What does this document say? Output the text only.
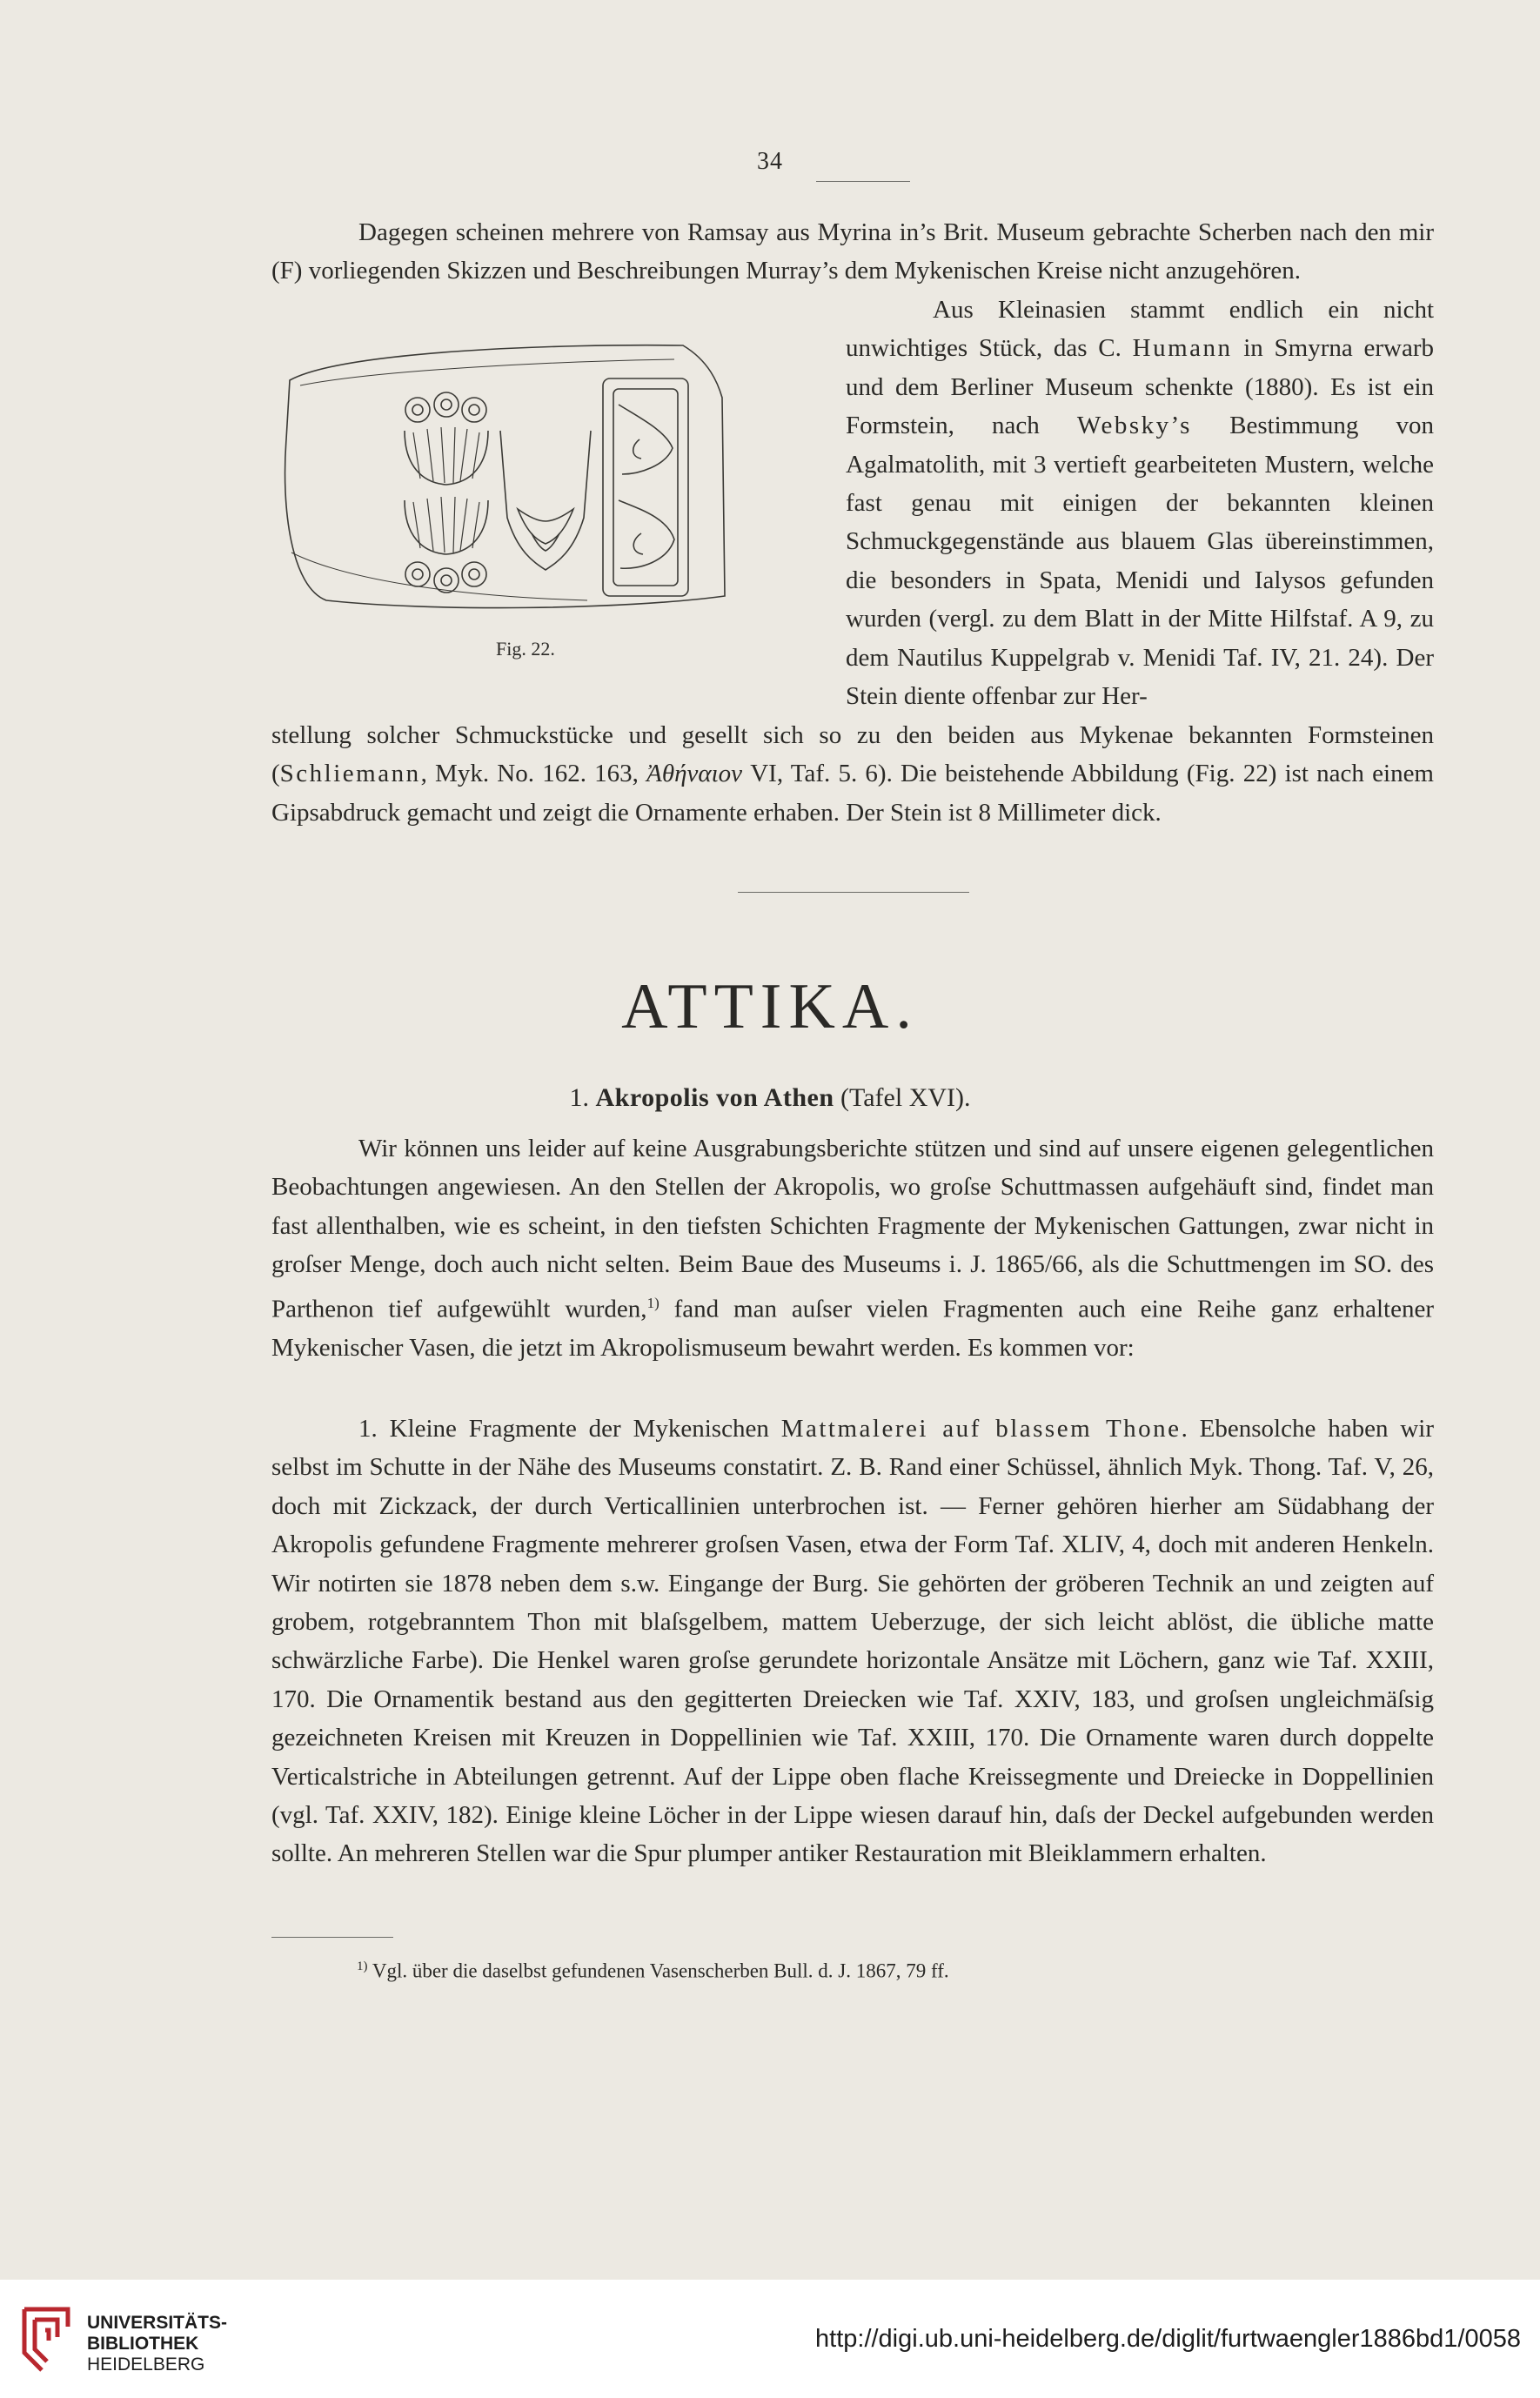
34

Dagegen scheinen mehrere von Ramsay aus Myrina in’s Brit. Museum gebrachte Scherben nach den mir (F) vorliegenden Skizzen und Beschreibungen Murray’s dem Mykenischen Kreise nicht anzugehören.

Aus Kleinasien stammt endlich ein nicht unwichtiges Stück, das C. Humann in Smyrna erwarb und dem Berliner Museum schenkte (1880). Es ist ein Formstein, nach Websky’s Bestimmung von Agalmatolith, mit 3 vertieft gearbeiteten Mustern, welche fast genau mit einigen der bekannten kleinen Schmuckgegenstände aus blauem Glas übereinstimmen, die besonders in Spata, Menidi und Ialysos gefunden wurden (vergl. zu dem Blatt in der Mitte Hilfstaf. A 9, zu dem Nautilus Kuppelgrab v. Menidi Taf. IV, 21. 24). Der Stein diente offenbar zur Her-

stellung solcher Schmuckstücke und gesellt sich so zu den beiden aus Mykenae bekannten Formsteinen (Schliemann, Myk. No. 162. 163, Ἀθήναιον VI, Taf. 5. 6). Die beistehende Abbildung (Fig. 22) ist nach einem Gipsabdruck gemacht und zeigt die Ornamente erhaben. Der Stein ist 8 Millimeter dick.

Fig. 22.
ATTIKA.
1. Akropolis von Athen (Tafel XVI).

Wir können uns leider auf keine Ausgrabungsberichte stützen und sind auf unsere eigenen gelegentlichen Beobachtungen angewiesen. An den Stellen der Akropolis, wo groſse Schuttmassen aufgehäuft sind, findet man fast allenthalben, wie es scheint, in den tiefsten Schichten Fragmente der Mykenischen Gattungen, zwar nicht in groſser Menge, doch auch nicht selten. Beim Baue des Museums i. J. 1865/66, als die Schuttmengen im SO. des Parthenon tief aufgewühlt wurden,$^{1)}$ fand man auſser vielen Fragmenten auch eine Reihe ganz erhaltener Mykenischer Vasen, die jetzt im Akropolismuseum bewahrt werden. Es kommen vor:

1. Kleine Fragmente der Mykenischen Mattmalerei auf blassem Thone. Ebensolche haben wir selbst im Schutte in der Nähe des Museums constatirt. Z. B. Rand einer Schüssel, ähnlich Myk. Thong. Taf. V, 26, doch mit Zickzack, der durch Verticallinien unterbrochen ist. — Ferner gehören hierher am Südabhang der Akropolis gefundene Fragmente mehrerer groſsen Vasen, etwa der Form Taf. XLIV, 4, doch mit anderen Henkeln. Wir notirten sie 1878 neben dem s.w. Eingange der Burg. Sie gehörten der gröberen Technik an und zeigten auf grobem, rotgebranntem Thon mit blaſsgelbem, mattem Ueberzuge, der sich leicht ablöst, die übliche matte schwärzliche Farbe). Die Henkel waren groſse gerundete horizontale Ansätze mit Löchern, ganz wie Taf. XXIII, 170. Die Ornamentik bestand aus den gegitterten Dreiecken wie Taf. XXIV, 183, und groſsen ungleichmäſsig gezeichneten Kreisen mit Kreuzen in Doppellinien wie Taf. XXIII, 170. Die Ornamente waren durch doppelte Verticalstriche in Abteilungen getrennt. Auf der Lippe oben flache Kreissegmente und Dreiecke in Doppellinien (vgl. Taf. XXIV, 182). Einige kleine Löcher in der Lippe wiesen darauf hin, daſs der Deckel aufgebunden werden sollte. An mehreren Stellen war die Spur plumper antiker Restauration mit Bleiklammern erhalten.

$^{1)}$ Vgl. über die daselbst gefundenen Vasenscherben Bull. d. J. 1867, 79 ff.
UNIVERSITÄTS-
BIBLIOTHEK
HEIDELBERG
http://digi.ub.uni-heidelberg.de/diglit/furtwaengler1886bd1/0058
